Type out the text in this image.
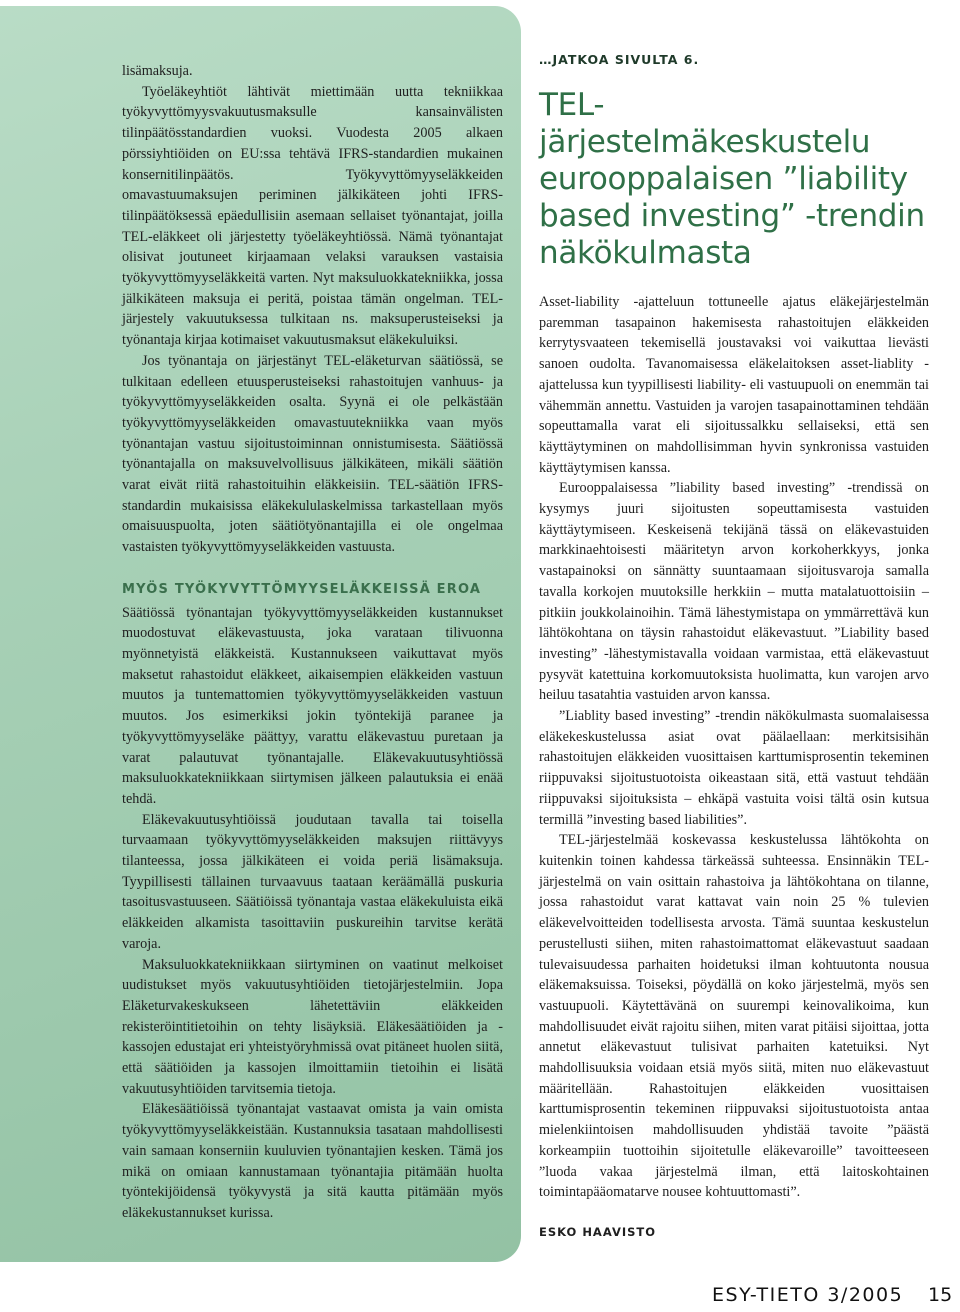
lisämaksuja.

Työeläkeyhtiöt lähtivät miettimään uutta tekniikkaa työkyvyttömyysvakuutusmaksulle kansainvälisten tilinpäätösstandardien vuoksi. Vuodesta 2005 alkaen pörssiyhtiöiden on EU:ssa tehtävä IFRS-standardien mukainen konsernitilinpäätös. Työkyvyttömyyseläkkeiden omavastuumaksujen periminen jälkikäteen johti IFRS-tilinpäätöksessä epäedullisiin asemaan sellaiset työnantajat, joilla TEL-eläkkeet oli järjestetty työeläkeyhtiössä. Nämä työnantajat olisivat joutuneet kirjaamaan velaksi varauksen vastaisia työkyvyttömyyseläkkeitä varten. Nyt maksuluokkatekniikka, jossa jälkikäteen maksuja ei peritä, poistaa tämän ongelman. TEL-järjestely vakuutuksessa tulkitaan ns. maksuperusteiseksi ja työnantaja kirjaa kotimaiset vakuutusmaksut eläkekuluiksi.

Jos työnantaja on järjestänyt TEL-eläketurvan säätiössä, se tulkitaan edelleen etuusperusteiseksi rahastoitujen vanhuus- ja työkyvyttömyyseläkkeiden osalta. Syynä ei ole pelkästään työkyvyttömyyseläkkeiden omavastuutekniikka vaan myös työnantajan vastuu sijoitustoiminnan onnistumisesta. Säätiössä työnantajalla on maksuvelvollisuus jälkikäteen, mikäli säätiön varat eivät riitä rahastoituihin eläkkeisiin. TEL-säätiön IFRS-standardin mukaisissa eläkekululaskelmissa tarkastellaan myös omaisuuspuolta, joten säätiötyönantajilla ei ole ongelmaa vastaisten työkyvyttömyyseläkkeiden vastuusta.

MYÖS TYÖKYVYTTÖMYYSELÄKKEISSÄ EROA

Säätiössä työnantajan työkyvyttömyyseläkkeiden kustannukset muodostuvat eläkevastuusta, joka varataan tilivuonna myönnetyistä eläkkeistä. Kustannukseen vaikuttavat myös maksetut rahastoidut eläkkeet, aikaisempien eläkkeiden vastuun muutos ja tuntemattomien työkyvyttömyyseläkkeiden vastuun muutos. Jos esimerkiksi jokin työntekijä paranee ja työkyvyttömyyseläke päättyy, varattu eläkevastuu puretaan ja varat palautuvat työnantajalle. Eläkevakuutusyhtiössä maksuluokkatekniikkaan siirtymisen jälkeen palautuksia ei enää tehdä.

Eläkevakuutusyhtiöissä joudutaan tavalla tai toisella turvaamaan työkyvyttömyyseläkkeiden maksujen riittävyys tilanteessa, jossa jälkikäteen ei voida periä lisämaksuja. Tyypillisesti tällainen turvaavuus taataan keräämällä puskuria tasoitusvastuuseen. Säätiöissä työnantaja vastaa eläkekuluista eikä eläkkeiden alkamista tasoittaviin puskureihin tarvitse kerätä varoja.

Maksuluokkatekniikkaan siirtyminen on vaatinut melkoiset uudistukset myös vakuutusyhtiöiden tietojärjestelmiin. Jopa Eläketurvakeskukseen lähetettäviin eläkkeiden rekisteröintitietoihin on tehty lisäyksiä. Eläkesäätiöiden ja -kassojen edustajat eri yhteistyöryhmissä ovat pitäneet huolen siitä, että säätiöiden ja kassojen ilmoittamiin tietoihin ei lisätä vakuutusyhtiöiden tarvitsemia tietoja.

Eläkesäätiöissä työnantajat vastaavat omista ja vain omista työkyvyttömyyseläkkeistään. Kustannuksia tasataan mahdollisesti vain samaan konserniin kuuluvien työnantajien kesken. Tämä jos mikä on omiaan kannustamaan työnantajia pitämään huolta työntekijöidensä työkyvystä ja sitä kautta pitämään myös eläkekustannukset kurissa.

…JATKOA SIVULTA 6.
TEL-järjestelmäkeskustelu eurooppalaisen ”liability based investing” -trendin näkökulmasta

Asset-liability -ajatteluun tottuneelle ajatus eläkejärjestelmän paremman tasapainon hakemisesta rahastoitujen eläkkeiden kerrytysvaateen tekemisellä joustavaksi voi vaikuttaa lievästi sanoen oudolta. Tavanomaisessa eläkelaitoksen asset-liablity -ajattelussa kun tyypillisesti liability- eli vastuupuoli on enemmän tai vähemmän annettu. Vastuiden ja varojen tasapainottaminen tehdään sopeuttamalla varat eli sijoitussalkku sellaiseksi, että sen käyttäytyminen on mahdollisimman hyvin synkronissa vastuiden käyttäytymisen kanssa.

Eurooppalaisessa ”liability based investing” -trendissä on kysymys juuri sijoitusten sopeuttamisesta vastuiden käyttäytymiseen. Keskeisenä tekijänä tässä on eläkevastuiden markkinaehtoisesti määritetyn arvon korkoherkkyys, jonka vastapainoksi on sännätty suuntaamaan sijoitusvaroja samalla tavalla korkojen muutoksille herkkiin – mutta matalatuottoisiin – pitkiin joukkolainoihin. Tämä lähestymistapa on ymmärrettävä kun lähtökohtana on täysin rahastoidut eläkevastuut. ”Liability based investing” -lähestymistavalla voidaan varmistaa, että eläkevastuut pysyvät katettuina korkomuutoksista huolimatta, kun varojen arvo heiluu tasatahtia vastuiden arvon kanssa.

”Liablity based investing” -trendin näkökulmasta suomalaisessa eläkekeskustelussa asiat ovat päälaellaan: merkitsisihän rahastoitujen eläkkeiden vuosittaisen karttumisprosentin tekeminen riippuvaksi sijoitustuotoista oikeastaan sitä, että vastuut tehdään riippuvaksi sijoituksista – ehkäpä vastuita voisi tältä osin kutsua termillä ”investing based liabilities”.

TEL-järjestelmää koskevassa keskustelussa lähtökohta on kuitenkin toinen kahdessa tärkeässä suhteessa. Ensinnäkin TEL-järjestelmä on vain osittain rahastoiva ja lähtökohtana on tilanne, jossa rahastoidut varat kattavat vain noin 25 % tulevien eläkevelvoitteiden todellisesta arvosta. Tämä suuntaa keskustelun perustellusti siihen, miten rahastoimattomat eläkevastuut saadaan tulevaisuudessa parhaiten hoidetuksi ilman kohtuutonta nousua eläkemaksuissa. Toiseksi, pöydällä on koko järjestelmä, myös sen vastuupuoli. Käytettävänä on suurempi keinovalikoima, kun mahdollisuudet eivät rajoitu siihen, miten varat pitäisi sijoittaa, jotta annetut eläkevastuut tulisivat parhaiten katetuiksi. Nyt mahdollisuuksia voidaan etsiä myös siitä, miten nuo eläkevastuut määritellään. Rahastoitujen eläkkeiden vuosittaisen karttumisprosentin tekeminen riippuvaksi sijoitustuotoista antaa mielenkiintoisen mahdollisuuden yhdistää tavoite ”päästä korkeampiin tuottoihin sijoitetulle eläkevaroille” tavoitteeseen ”luoda vakaa järjestelmä ilman, että laitoskohtainen toimintapääomatarve nousee kohtuuttomasti”.

ESKO HAAVISTO
ESY-TIETO 3/2005 15
